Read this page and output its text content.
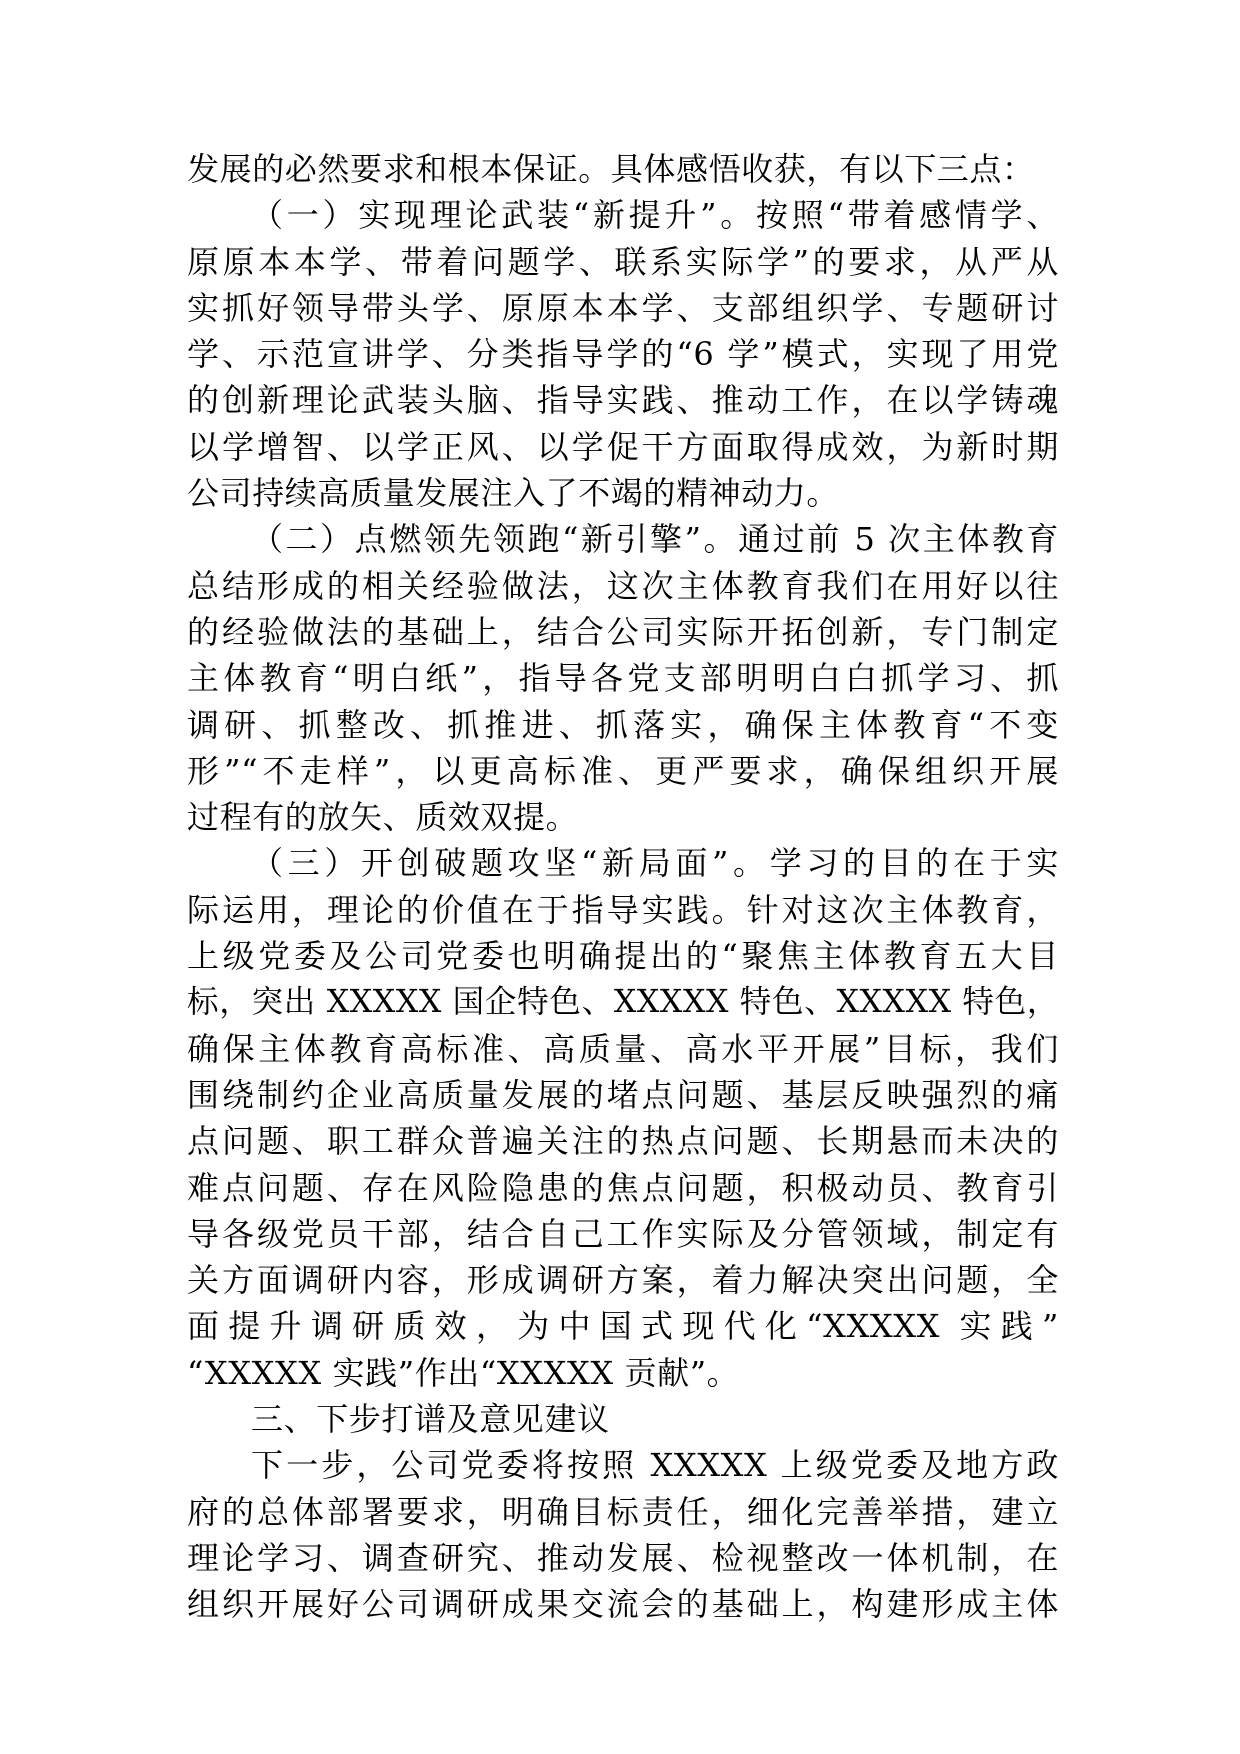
发展的必然要求和根本保证。具体感悟收获，有以下三点：
（一）实现理论武装“新提升”。按照“带着感情学、
原原本本学、带着问题学、联系实际学”的要求，从严从
实抓好领导带头学、原原本本学、支部组织学、专题研讨
学、示范宣讲学、分类指导学的“6 学”模式，实现了用党
的创新理论武装头脑、指导实践、推动工作，在以学铸魂
以学增智、以学正风、以学促干方面取得成效，为新时期
公司持续高质量发展注入了不竭的精神动力。
（二）点燃领先领跑“新引擎”。通过前 5 次主体教育
总结形成的相关经验做法，这次主体教育我们在用好以往
的经验做法的基础上，结合公司实际开拓创新，专门制定
主体教育“明白纸”，指导各党支部明明白白抓学习、抓
调研、抓整改、抓推进、抓落实，确保主体教育“不变
形”“不走样”，以更高标准、更严要求，确保组织开展
过程有的放矢、质效双提。
（三）开创破题攻坚“新局面”。学习的目的在于实
际运用，理论的价值在于指导实践。针对这次主体教育，
上级党委及公司党委也明确提出的“聚焦主体教育五大目
标，突出 XXXXX 国企特色、XXXXX 特色、XXXXX 特色，
确保主体教育高标准、高质量、高水平开展”目标，我们
围绕制约企业高质量发展的堵点问题、基层反映强烈的痛
点问题、职工群众普遍关注的热点问题、长期悬而未决的
难点问题、存在风险隐患的焦点问题，积极动员、教育引
导各级党员干部，结合自己工作实际及分管领域，制定有
关方面调研内容，形成调研方案，着力解决突出问题，全
面提升调研质效，为中国式现代化“XXXXX 实践”
“XXXXX 实践”作出“XXXXX 贡献”。
三、下步打谱及意见建议
下一步，公司党委将按照 XXXXX 上级党委及地方政
府的总体部署要求，明确目标责任，细化完善举措，建立
理论学习、调查研究、推动发展、检视整改一体机制，在
组织开展好公司调研成果交流会的基础上，构建形成主体
